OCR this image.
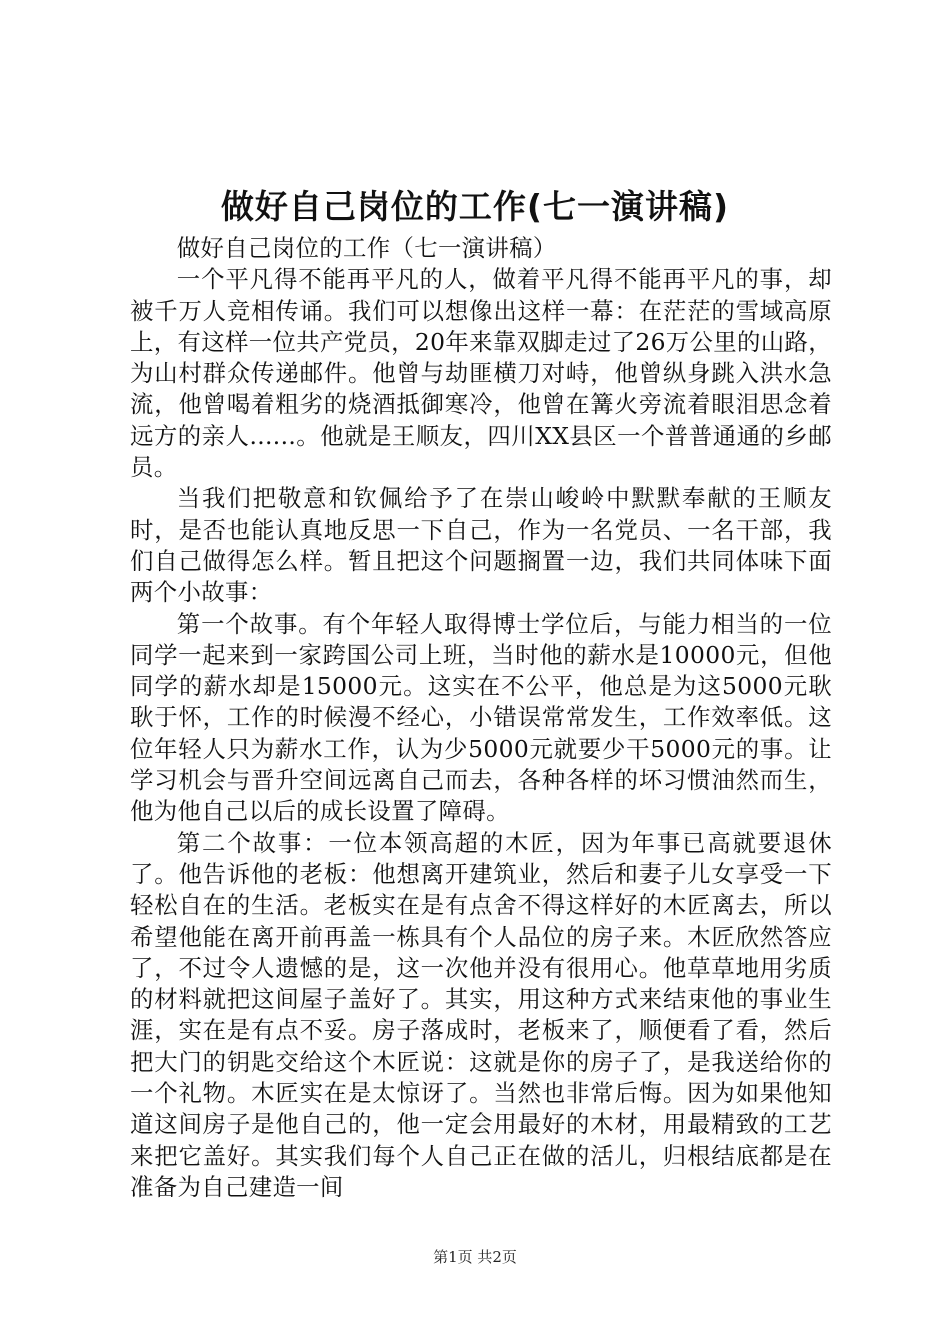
做好自己岗位的工作(七一演讲稿)

做好自己岗位的工作（七一演讲稿）

一个平凡得不能再平凡的人，做着平凡得不能再平凡的事，却被千万人竞相传诵。我们可以想像出这样一幕：在茫茫的雪域高原上，有这样一位共产党员，20年来靠双脚走过了26万公里的山路，为山村群众传递邮件。他曾与劫匪横刀对峙，他曾纵身跳入洪水急流，他曾喝着粗劣的烧酒抵御寒冷，他曾在篝火旁流着眼泪思念着远方的亲人......。他就是王顺友，四川XX县区一个普普通通的乡邮员。

当我们把敬意和钦佩给予了在崇山峻岭中默默奉献的王顺友时，是否也能认真地反思一下自己，作为一名党员、一名干部，我们自己做得怎么样。暂且把这个问题搁置一边，我们共同体味下面两个小故事：

第一个故事。有个年轻人取得博士学位后，与能力相当的一位同学一起来到一家跨国公司上班，当时他的薪水是10000元，但他同学的薪水却是15000元。这实在不公平，他总是为这5000元耿耿于怀，工作的时候漫不经心，小错误常常发生，工作效率低。这位年轻人只为薪水工作，认为少5000元就要少干5000元的事。让学习机会与晋升空间远离自己而去，各种各样的坏习惯油然而生，他为他自己以后的成长设置了障碍。

第二个故事：一位本领高超的木匠，因为年事已高就要退休了。他告诉他的老板：他想离开建筑业，然后和妻子儿女享受一下轻松自在的生活。老板实在是有点舍不得这样好的木匠离去，所以希望他能在离开前再盖一栋具有个人品位的房子来。木匠欣然答应了，不过令人遗憾的是，这一次他并没有很用心。他草草地用劣质的材料就把这间屋子盖好了。其实，用这种方式来结束他的事业生涯，实在是有点不妥。房子落成时，老板来了，顺便看了看，然后把大门的钥匙交给这个木匠说：这就是你的房子了，是我送给你的一个礼物。木匠实在是太惊讶了。当然也非常后悔。因为如果他知道这间房子是他自己的，他一定会用最好的木材，用最精致的工艺来把它盖好。其实我们每个人自己正在做的活儿，归根结底都是在准备为自己建造一间

第1页 共2页
